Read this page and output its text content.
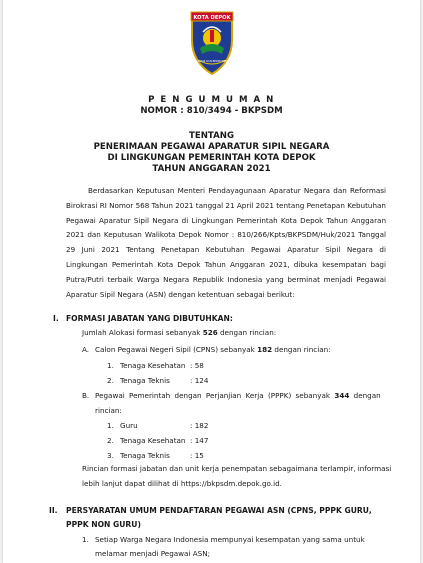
KOTA DEPOK
MELAYANI DAN BERMARTABAT
P E N G U M U M A N
NOMOR : 810/3494 - BKPSDM
TENTANG
PENERIMAAN PEGAWAI APARATUR SIPIL NEGARA
DI LINGKUNGAN PEMERINTAH KOTA DEPOK
TAHUN ANGGARAN 2021
Berdasarkan Keputusan Menteri Pendayagunaan Aparatur Negara dan Reformasi Birokrasi RI Nomor 568 Tahun 2021 tanggal 21 April 2021 tentang Penetapan Kebutuhan Pegawai Aparatur Sipil Negara di Lingkungan Pemerintah Kota Depok Tahun Anggaran 2021 dan Keputusan Walikota Depok Nomor : 810/266/Kpts/BKPSDM/Huk/2021 Tanggal 29 Juni 2021 Tentang Penetapan Kebutuhan Pegawai Aparatur Sipil Negara di Lingkungan Pemerintah Kota Depok Tahun Anggaran 2021, dibuka kesempatan bagi Putra/Putri terbaik Warga Negara Republik Indonesia yang berminat menjadi Pegawai Aparatur Sipil Negara (ASN) dengan ketentuan sebagai berikut:
I. FORMASI JABATAN YANG DIBUTUHKAN:
Jumlah Alokasi formasi sebanyak 526 dengan rincian:
A. Calon Pegawai Negeri Sipil (CPNS) sebanyak 182 dengan rincian:
1. Tenaga Kesehatan : 58
2. Tenaga Teknis	: 124
B. Pegawai Pemerintah dengan Perjanjian Kerja (PPPK) sebanyak 344 dengan
rincian:
1. Guru	: 182
2. Tenaga Kesehatan : 147
3. Tenaga Teknis	: 15
Rincian formasi jabatan dan unit kerja penempatan sebagaimana terlampir, informasi
lebih lanjut dapat dilihat di https://bkpsdm.depok.go.id.
II. PERSYARATAN UMUM PENDAFTARAN PEGAWAI ASN (CPNS, PPPK GURU,
PPPK NON GURU)
1. Setiap Warga Negara Indonesia mempunyai kesempatan yang sama untuk
melamar menjadi Pegawai ASN;
